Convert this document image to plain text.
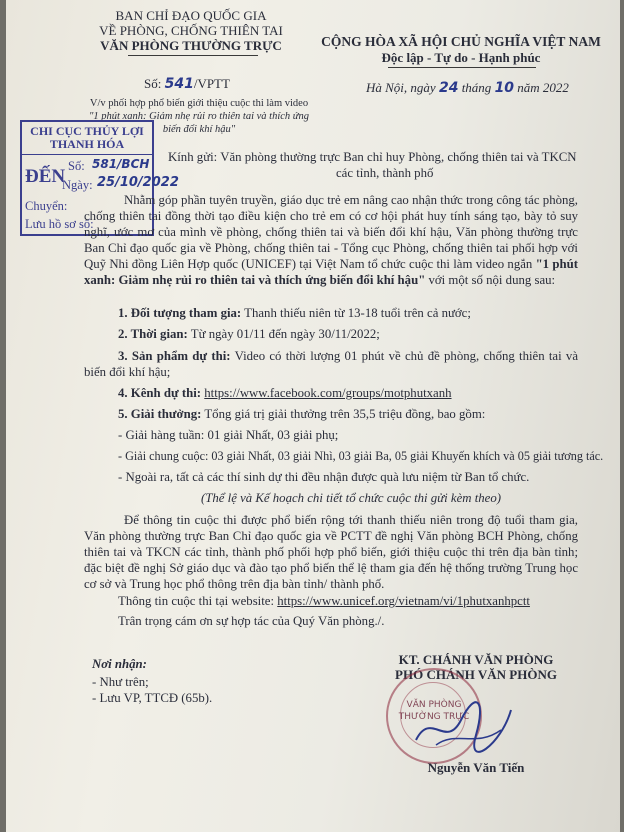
BAN CHỈ ĐẠO QUỐC GIA
VỀ PHÒNG, CHỐNG THIÊN TAI
VĂN PHÒNG THƯỜNG TRỰC
Số: 541/VPTT
V/v phối hợp phổ biến giới thiệu cuộc thi làm video
"1 phút xanh: Giảm nhẹ rủi ro thiên tai và thích ứng
biến đổi khí hậu"
CỘNG HÒA XÃ HỘI CHỦ NGHĨA VIỆT NAM
Độc lập - Tự do - Hạnh phúc
Hà Nội, ngày 24 tháng 10 năm 2022
CHI CỤC THỦY LỢI
THANH HÓA
ĐẾN Số: 581/BCH
Ngày: 25/10/2022
Chuyển:
Lưu hồ sơ số:
Kính gửi: Văn phòng thường trực Ban chỉ huy Phòng, chống thiên tai và TKCN
các tỉnh, thành phố
Nhằm góp phần tuyên truyền, giáo dục trẻ em nâng cao nhận thức trong công tác phòng, chống thiên tai đồng thời tạo điều kiện cho trẻ em có cơ hội phát huy tính sáng tạo, bày tỏ suy nghĩ, ước mơ của mình về phòng, chống thiên tai và biến đổi khí hậu, Văn phòng thường trực Ban Chỉ đạo quốc gia về Phòng, chống thiên tai - Tổng cục Phòng, chống thiên tai phối hợp với Quỹ Nhi đồng Liên Hợp quốc (UNICEF) tại Việt Nam tổ chức cuộc thi làm video ngắn "1 phút xanh: Giảm nhẹ rủi ro thiên tai và thích ứng biến đổi khí hậu" với một số nội dung sau:
1. Đối tượng tham gia: Thanh thiếu niên từ 13-18 tuổi trên cả nước;
2. Thời gian: Từ ngày 01/11 đến ngày 30/11/2022;
3. Sản phẩm dự thi: Video có thời lượng 01 phút về chủ đề phòng, chống thiên tai và biến đổi khí hậu;
4. Kênh dự thi: https://www.facebook.com/groups/motphutxanh
5. Giải thưởng: Tổng giá trị giải thưởng trên 35,5 triệu đồng, bao gồm:
- Giải hàng tuần: 01 giải Nhất, 03 giải phụ;
- Giải chung cuộc: 03 giải Nhất, 03 giải Nhì, 03 giải Ba, 05 giải Khuyến khích và 05 giải tương tác.
- Ngoài ra, tất cả các thí sinh dự thi đều nhận được quà lưu niệm từ Ban tổ chức.
(Thể lệ và Kế hoạch chi tiết tổ chức cuộc thi gửi kèm theo)
Để thông tin cuộc thi được phổ biến rộng tới thanh thiếu niên trong độ tuổi tham gia, Văn phòng thường trực Ban Chỉ đạo quốc gia về PCTT đề nghị Văn phòng BCH Phòng, chống thiên tai và TKCN các tỉnh, thành phố phối hợp phổ biến, giới thiệu cuộc thi trên địa bàn tỉnh; đặc biệt đề nghị Sở giáo dục và đào tạo phổ biến thể lệ tham gia đến hệ thống trường Trung học cơ sở và Trung học phổ thông trên địa bàn tỉnh/ thành phố.
Thông tin cuộc thi tại website: https://www.unicef.org/vietnam/vi/1phutxanhpctt
Trân trọng cám ơn sự hợp tác của Quý Văn phòng./.
Nơi nhận:
- Như trên;
- Lưu VP, TTCĐ (65b).
KT. CHÁNH VĂN PHÒNG
PHÓ CHÁNH VĂN PHÒNG
VĂN PHÒNG
THƯỜNG TRỰC
Nguyễn Văn Tiến
